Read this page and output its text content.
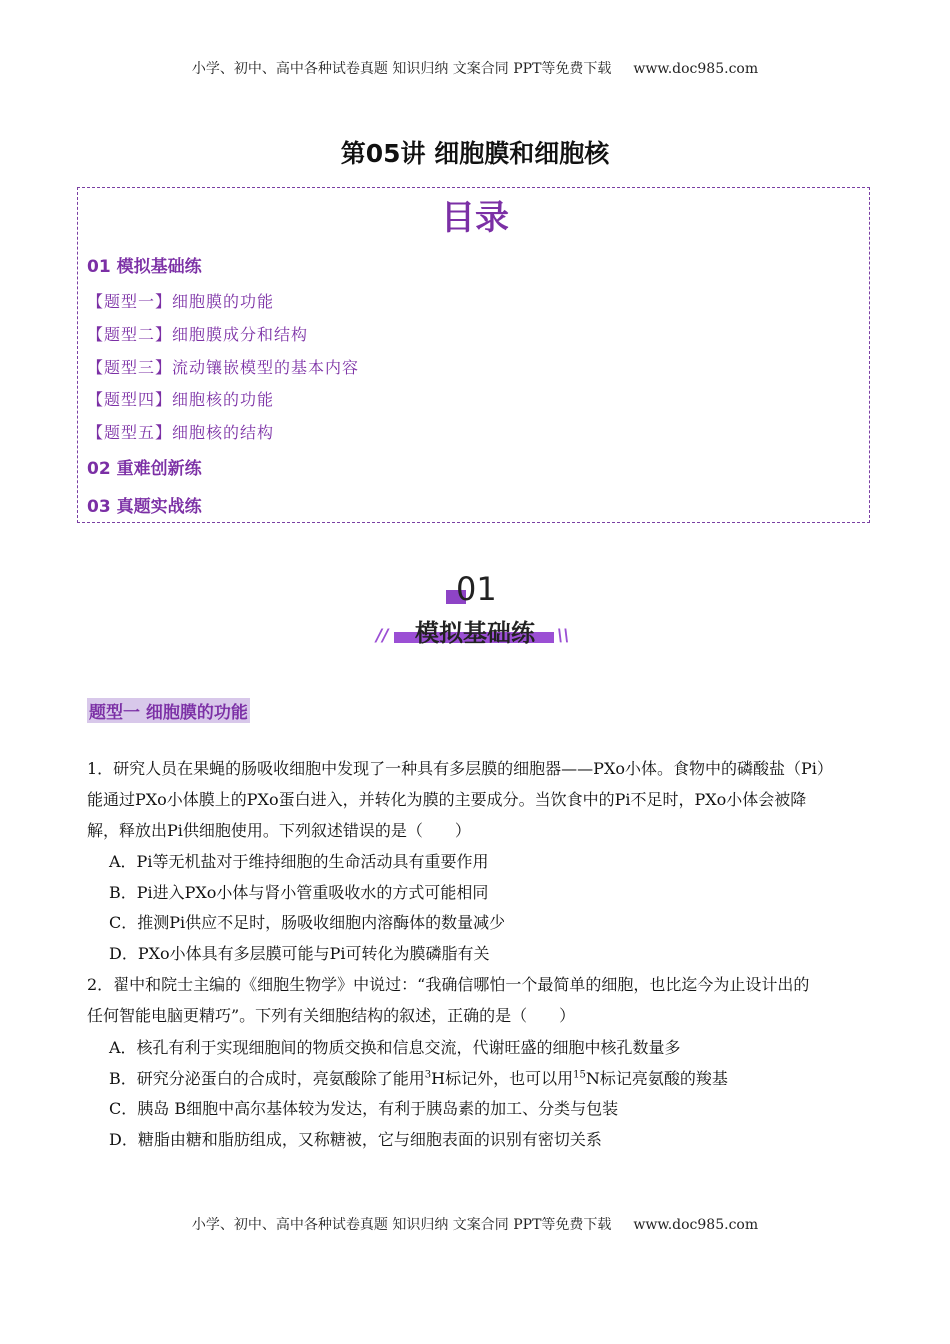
小学、初中、高中各种试卷真题 知识归纳 文案合同 PPT等免费下载 www.doc985.com
第05讲 细胞膜和细胞核
目录
01 模拟基础练
【题型一】细胞膜的功能
【题型二】细胞膜成分和结构
【题型三】流动镶嵌模型的基本内容
【题型四】细胞核的功能
【题型五】细胞核的结构
02 重难创新练
03 真题实战练
01
//	模拟基础练	\\
题型一 细胞膜的功能
1．研究人员在果蝇的肠吸收细胞中发现了一种具有多层膜的细胞器——PXo小体。食物中的磷酸盐（Pi）
能通过PXo小体膜上的PXo蛋白进入，并转化为膜的主要成分。当饮食中的Pi不足时，PXo小体会被降
解，释放出Pi供细胞使用。下列叙述错误的是（　　）
A．Pi等无机盐对于维持细胞的生命活动具有重要作用
B．Pi进入PXo小体与肾小管重吸收水的方式可能相同
C．推测Pi供应不足时，肠吸收细胞内溶酶体的数量减少
D．PXo小体具有多层膜可能与Pi可转化为膜磷脂有关
2．翟中和院士主编的《细胞生物学》中说过：“我确信哪怕一个最简单的细胞，也比迄今为止设计出的
任何智能电脑更精巧”。下列有关细胞结构的叙述，正确的是（　　）
A．核孔有利于实现细胞间的物质交换和信息交流，代谢旺盛的细胞中核孔数量多
B．研究分泌蛋白的合成时，亮氨酸除了能用$^3$H标记外，也可以用$^{15}$N标记亮氨酸的羧基
C．胰岛 B细胞中高尔基体较为发达，有利于胰岛素的加工、分类与包装
D．糖脂由糖和脂肪组成，又称糖被，它与细胞表面的识别有密切关系
小学、初中、高中各种试卷真题 知识归纳 文案合同 PPT等免费下载 www.doc985.com
